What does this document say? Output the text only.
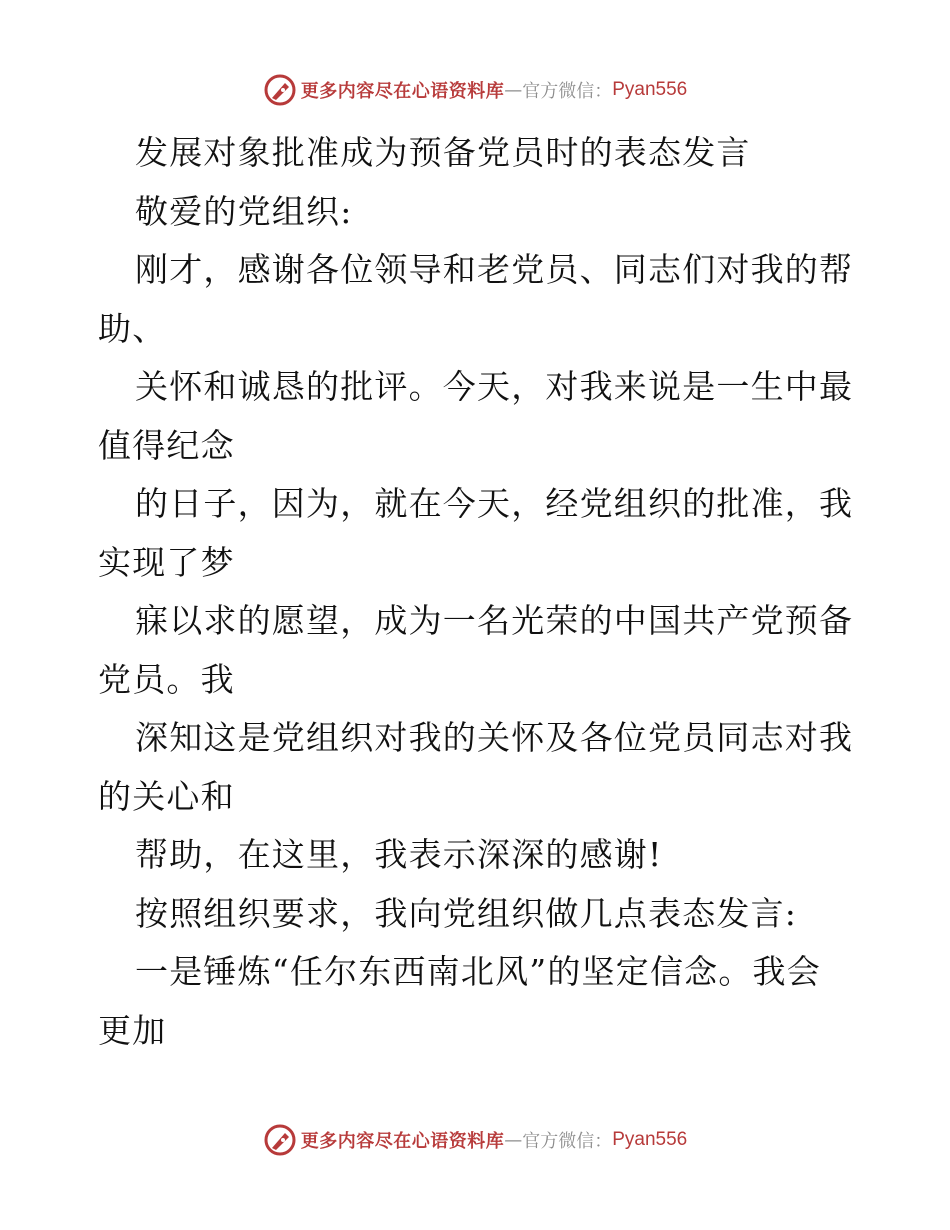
更多内容尽在心语资料库 — 官方微信： Pyan556
发展对象批准成为预备党员时的表态发言
敬爱的党组织:
刚才，感谢各位领导和老党员、同志们对我的帮
助、
关怀和诚恳的批评。今天，对我来说是一生中最
值得纪念
的日子，因为，就在今天，经党组织的批准，我
实现了梦
寐以求的愿望，成为一名光荣的中国共产党预备
党员。我
深知这是党组织对我的关怀及各位党员同志对我
的关心和
帮助，在这里，我表示深深的感谢!
按照组织要求，我向党组织做几点表态发言:
一是锤炼“任尔东西南北风”的坚定信念。我会
更加
更多内容尽在心语资料库 — 官方微信： Pyan556
